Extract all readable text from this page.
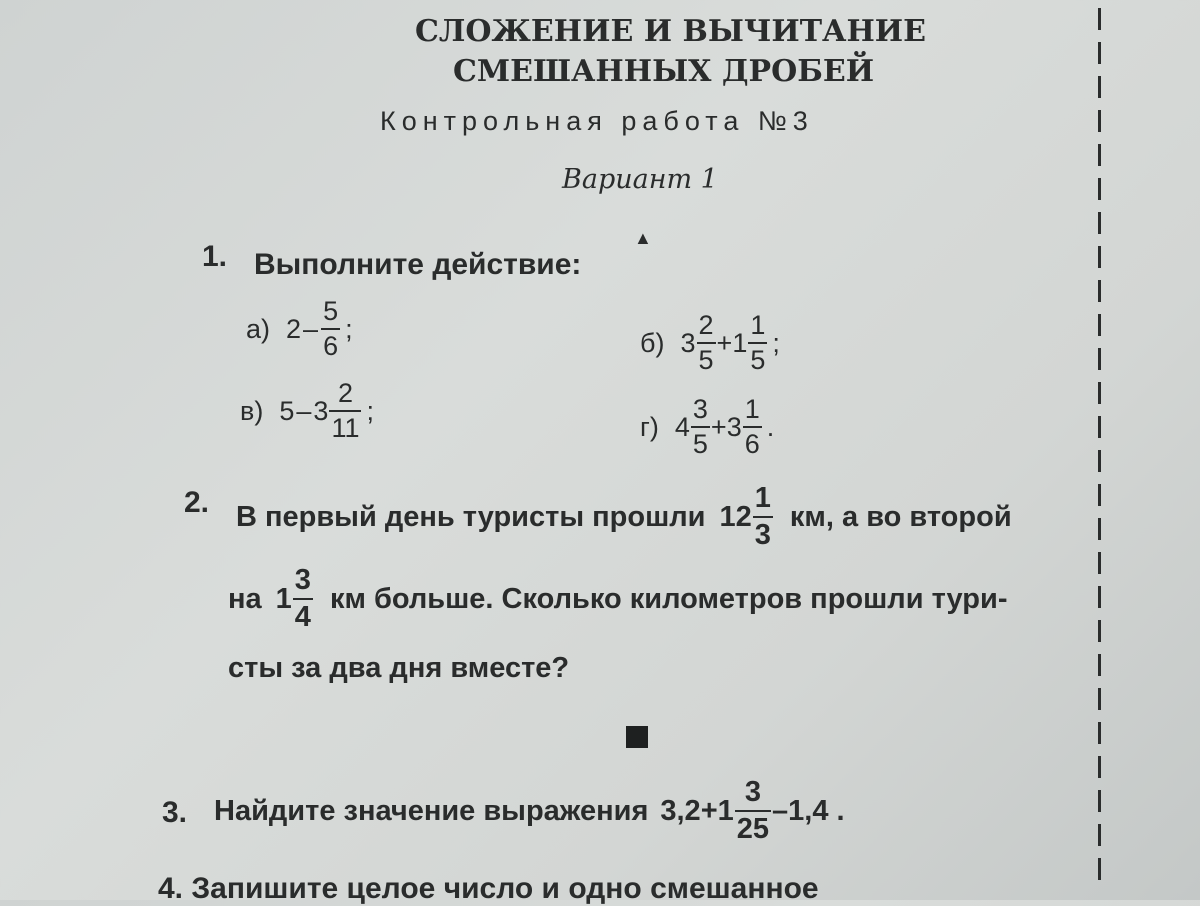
СЛОЖЕНИЕ И ВЫЧИТАНИЕ
СМЕШАННЫХ ДРОБЕЙ
Контрольная работа №3
Вариант 1
▲
1. Выполните действие:
а) $2 - \frac{5}{6}$ ;	б) $3 \frac{2}{5} + 1 \frac{1}{5}$ ;
в) $5 - 3 \frac{2}{11}$ ;
г) $4 \frac{3}{5} + 3 \frac{1}{6}$ .
2. В первый день туристы прошли $12 \frac{1}{3}$ км, а во второй
на $1 \frac{3}{4}$ км больше. Сколько километров прошли тури-
сты за два дня вместе?
3. Найдите значение выражения $3,2+1 \frac{3}{25} -1,4$ .
4. Запишите целое число и одно смешанное
